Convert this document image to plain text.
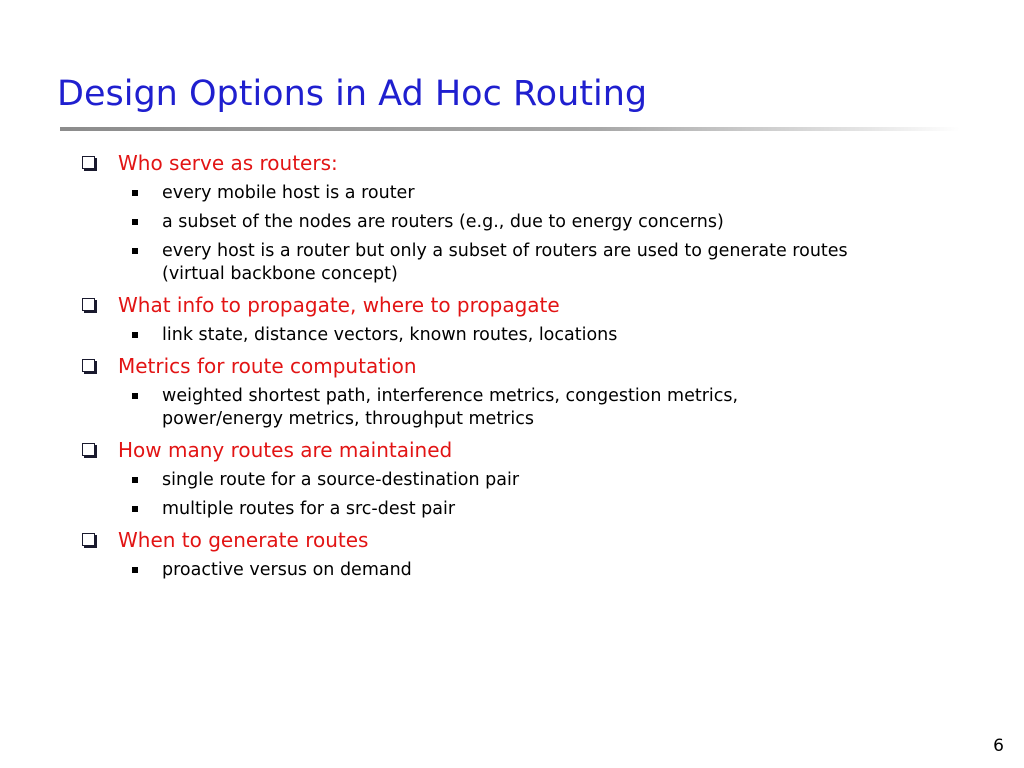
Design Options in Ad Hoc Routing
Who serve as routers:
every mobile host is a router
a subset of the nodes are routers (e.g., due to energy concerns)
every host is a router but only a subset of routers are used to generate routes (virtual backbone concept)
What info to propagate, where to propagate
link state, distance vectors, known routes, locations
Metrics for route computation
weighted shortest path, interference metrics, congestion metrics, power/energy metrics, throughput metrics
How many routes are maintained
single route for a source-destination pair
multiple routes for a src-dest pair
When to generate routes
proactive versus on demand
6
